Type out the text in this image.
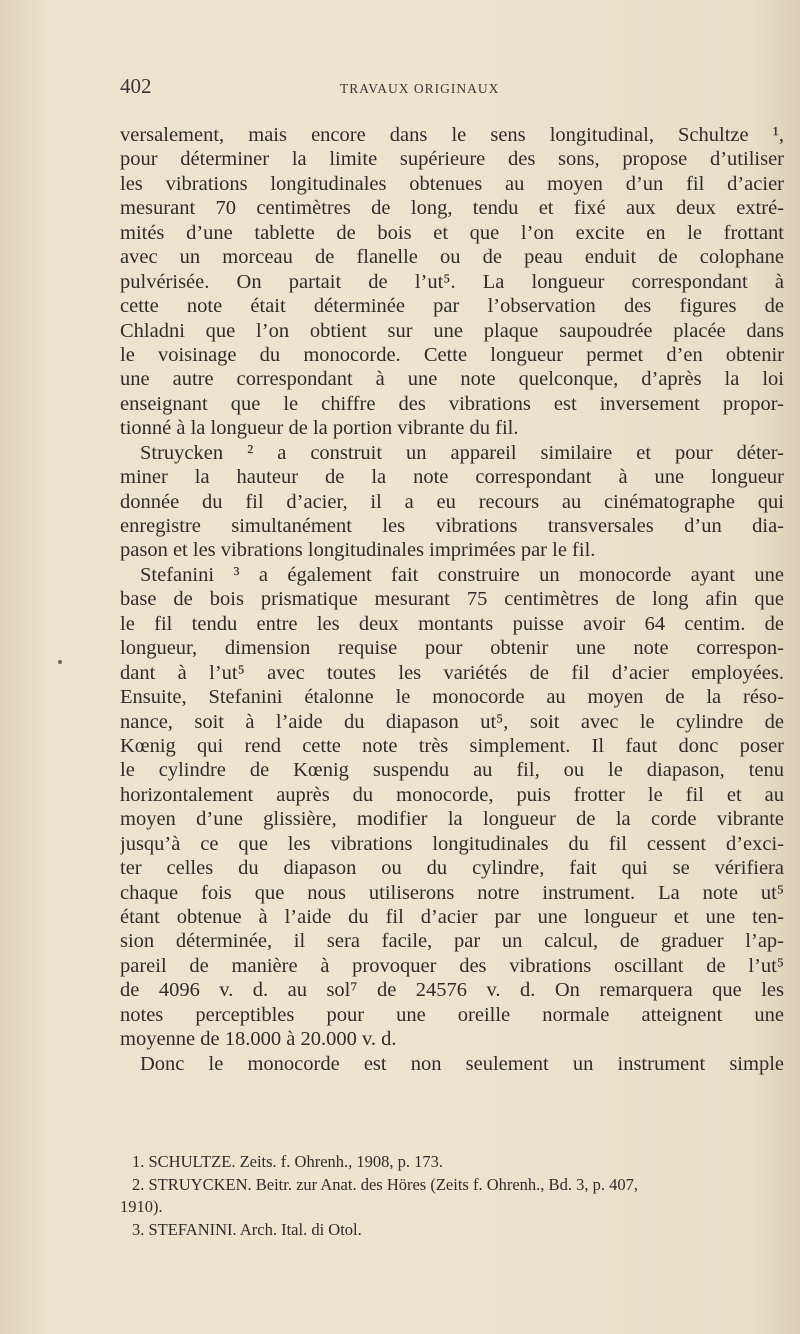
402	TRAVAUX ORIGINAUX
versalement, mais encore dans le sens longitudinal, Schultze ¹,
pour déterminer la limite supérieure des sons, propose d’utiliser
les vibrations longitudinales obtenues au moyen d’un fil d’acier
mesurant 70 centimètres de long, tendu et fixé aux deux extré-
mités d’une tablette de bois et que l’on excite en le frottant
avec un morceau de flanelle ou de peau enduit de colophane
pulvérisée. On partait de l’ut⁵. La longueur correspondant à
cette note était déterminée par l’observation des figures de
Chladni que l’on obtient sur une plaque saupoudrée placée dans
le voisinage du monocorde. Cette longueur permet d’en obtenir
une autre correspondant à une note quelconque, d’après la loi
enseignant que le chiffre des vibrations est inversement propor-
tionné à la longueur de la portion vibrante du fil.
Struycken ² a construit un appareil similaire et pour déter-
miner la hauteur de la note correspondant à une longueur
donnée du fil d’acier, il a eu recours au cinématographe qui
enregistre simultanément les vibrations transversales d’un dia-
pason et les vibrations longitudinales imprimées par le fil.
Stefanini ³ a également fait construire un monocorde ayant une
base de bois prismatique mesurant 75 centimètres de long afin que
le fil tendu entre les deux montants puisse avoir 64 centim. de
longueur, dimension requise pour obtenir une note correspon-
dant à l’ut⁵ avec toutes les variétés de fil d’acier employées.
Ensuite, Stefanini étalonne le monocorde au moyen de la réso-
nance, soit à l’aide du diapason ut⁵, soit avec le cylindre de
Kœnig qui rend cette note très simplement. Il faut donc poser
le cylindre de Kœnig suspendu au fil, ou le diapason, tenu
horizontalement auprès du monocorde, puis frotter le fil et au
moyen d’une glissière, modifier la longueur de la corde vibrante
jusqu’à ce que les vibrations longitudinales du fil cessent d’exci-
ter celles du diapason ou du cylindre, fait qui se vérifiera
chaque fois que nous utiliserons notre instrument. La note ut⁵
étant obtenue à l’aide du fil d’acier par une longueur et une ten-
sion déterminée, il sera facile, par un calcul, de graduer l’ap-
pareil de manière à provoquer des vibrations oscillant de l’ut⁵
de 4096 v. d. au sol⁷ de 24576 v. d. On remarquera que les
notes perceptibles pour une oreille normale atteignent une
moyenne de 18.000 à 20.000 v. d.
Donc le monocorde est non seulement un instrument simple
1. SCHULTZE. Zeits. f. Ohrenh., 1908, p. 173.
2. STRUYCKEN. Beitr. zur Anat. des Höres (Zeits f. Ohrenh., Bd. 3, p. 407,
1910).
3. STEFANINI. Arch. Ital. di Otol.
